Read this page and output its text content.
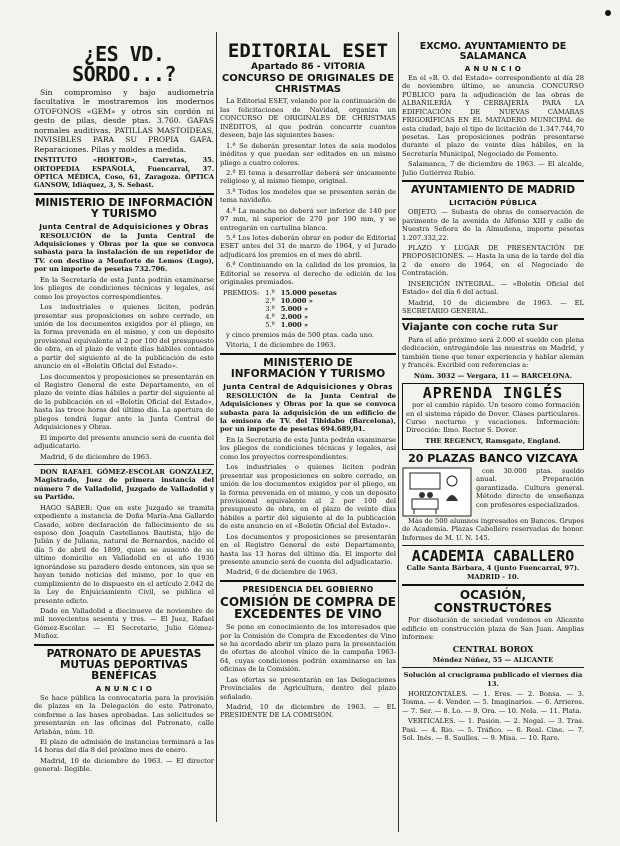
¿ES VD. SORDO...?

Sin compromiso y bajo audiometría facultativa le mostraremos los modernos OTOFONOS «GEM» y otros sin cordón ni gesto de pilas, desde ptas. 3.760. GAFAS normales auditivas. PATILLAS MASTOIDEAS, INVISIBLES PARA SU PROPIA GAFA. Reparaciones. Pilas y moldes a medida.

INSTITUTO «HORTOR», Carretas, 35. ORTOPEDIA ESPAÑOLA, Fuencarral, 37. ÓPTICA MÉDICA, Coso, 61, Zaragoza. ÓPTICA GANSOW, Idiáquez, 3, S. Sebast.

MINISTERIO DE INFORMACIÓN Y TURISMO
Junta Central de Adquisiciones y Obras

RESOLUCIÓN de la Junta Central de Adquisiciones y Obras por la que se convoca subasta para la instalación de un repetidor de TV. con destino a Monforte de Lemos (Lugo), por un importe de pesetas 732.706.

En la Secretaría de esta Junta podrán examinarse los pliegos de condiciones técnicas y legales, así como los proyectos correspondientes.

Los industriales o quienes liciten, podrán presentar sus proposiciones en sobre cerrado, en unión de los documentos exigidos por el pliego, en la forma prevenida en el mismo, y con un depósito provisional equivalente al 2 por 100 del presupuesto de obra, en el plazo de veinte días hábiles contados a partir del siguiente al de la publicación de este anuncio en el «Boletín Oficial del Estado».

Los documentos y proposiciones se presentarán en el Registro General de este Departamento, en el plazo de veinte días hábiles a partir del siguiente al de la publicación en el «Boletín Oficial del Estado», hasta las trece horas del último día. La apertura de pliegos tendrá lugar ante la Junta Central de Adquisiciones y Obras.

El importe del presente anuncio será de cuenta del adjudicatario.

Madrid, 6 de diciembre de 1963.

DON RAFAEL GÓMEZ-ESCOLAR GONZÁLEZ, Magistrado, Juez de primera instancia del número 7 de Valladolid, Juzgado de Valladolid y su Partido.

HAGO SABER: Que en este Juzgado se tramita expediente a instancia de Doña María-Ana Gallardo Casado, sobre declaración de fallecimiento de su esposo don Joaquín Castellanos Bautista, hijo de Julián y de Juliana, natural de Bernardos, nacido el día 5 de abril de 1899, quien se ausentó de su último domicilio en Valladolid en el año 1936 ignorándose su paradero desde entonces, sin que se hayan tenido noticias del mismo, por lo que en cumplimiento de lo dispuesto en el artículo 2.042 de la Ley de Enjuiciamiento Civil, se publica el presente edicto.

Dado en Valladolid a diecinueve de noviembre de mil novecientos sesenta y tres. — El Juez, Rafael Gómez-Escolar. — El Secretario, Julio Gómez-Muñoz.

PATRONATO DE APUESTAS MUTUAS DEPORTIVAS BENÉFICAS
A N U N C I O

Se hace pública la convocatoria para la provisión de plazas en la Delegación de este Patronato, conforme a las bases aprobadas. Las solicitudes se presentarán en las oficinas del Patronato, calle Arlabán, núm. 10.

El plazo de admisión de instancias terminará a las 14 horas del día 8 del próximo mes de enero.

Madrid, 10 de diciembre de 1963. — El director general: Ilegible.

EDITORIAL ESET
Apartado 86 - VITORIA
CONCURSO DE ORIGINALES DE CHRISTMAS

La Editorial ESET, velando por la continuación de las felicitaciones de Navidad, organiza un CONCURSO DE ORIGINALES DE CHRISTMAS INÉDITOS, al que podrán concurrir cuantos deseen, bajo las siguientes bases:

1.ª Se deberán presentar lotes de seis modelos inéditos y que puedan ser editados en un mismo pliego a cuatro colores.

2.ª El tema a desarrollar deberá ser únicamente religioso y, al mismo tiempo, original.

3.ª Todos los modelos que se presenten serán de tema navideño.

4.ª La mancha no deberá ser inferior de 140 por 97 mm, ni superior de 270 por 190 mm, y se entregarán en cartulina blanca.

5.ª Los lotes deberán obrar en poder de Editorial ESET antes del 31 de marzo de 1964, y el Jurado adjudicará los premios en el mes de abril.

6.ª Continuando en la calidad de los premios, la Editorial se reserva el derecho de edición de los originales premiados.

PREMIOS:	1.º	15.000 pesetas
	2.º	10.000 »
	3.º	5.000 »
	4.º	2.000 »
	5.º	1.000 »

y cinco premios más de 500 ptas. cada uno.

Vitoria, 1 de diciembre de 1963.

MINISTERIO DE INFORMACIÓN Y TURISMO
Junta Central de Adquisiciones y Obras

RESOLUCIÓN de la Junta Central de Adquisiciones y Obras por la que se convoca subasta para la adquisición de un edificio de la emisora de TV. del Tibidabo (Barcelona), por un importe de pesetas 694.689,01.

En la Secretaría de esta Junta podrán examinarse los pliegos de condiciones técnicas y legales, así como los proyectos correspondientes.

Los industriales o quienes liciten podrán presentar sus proposiciones en sobre cerrado, en unión de los documentos exigidos por el pliego, en la forma prevenida en el mismo, y con un depósito provisional equivalente al 2 por 100 del presupuesto de obra, en el plazo de veinte días hábiles a partir del siguiente al de la publicación de este anuncio en el «Boletín Oficial del Estado».

Los documentos y proposiciones se presentarán en el Registro General de este Departamento, hasta las 13 horas del último día. El importe del presente anuncio será de cuenta del adjudicatario.

Madrid, 6 de diciembre de 1963.

PRESIDENCIA DEL GOBIERNO
COMISIÓN DE COMPRA DE EXCEDENTES DE VINO

Se pone en conocimiento de los interesados que por la Comisión de Compra de Excedentes de Vino se ha acordado abrir un plazo para la presentación de ofertas de alcohol vínico de la campaña 1963-64, cuyas condiciones podrán examinarse en las oficinas de la Comisión.

Las ofertas se presentarán en las Delegaciones Provinciales de Agricultura, dentro del plazo señalado.

Madrid, 10 de diciembre de 1963. — EL PRESIDENTE DE LA COMISIÓN.

EXCMO. AYUNTAMIENTO DE SALAMANCA
A N U N C I O

En el «B. O. del Estado» correspondiente al día 28 de noviembre último, se anuncia CONCURSO PÚBLICO para la adjudicación de las obras de ALBAÑILERÍA Y CERRAJERÍA PARA LA EDIFICACIÓN DE NUEVAS CÁMARAS FRIGORÍFICAS EN EL MATADERO MUNICIPAL de esta ciudad, bajo el tipo de licitación de 1.347.744,70 pesetas. Las proposiciones podrán presentarse durante el plazo de veinte días hábiles, en la Secretaría Municipal, Negociado de Fomento.

Salamanca, 7 de diciembre de 1963. — El alcalde, Julio Gutiérrez Rubio.

AYUNTAMIENTO DE MADRID
LICITACIÓN PÚBLICA

OBJETO. — Subasta de obras de conservación de pavimento de la avenida de Alfonso XIII y calle de Nuestra Señora de la Almudena, importe pesetas 1.207.332,22.

PLAZO Y LUGAR DE PRESENTACIÓN DE PROPOSICIONES. — Hasta la una de la tarde del día 2 de enero de 1964, en el Negociado de Contratación.

INSERCIÓN INTEGRAL. — «Boletín Oficial del Estado» del día 6 del actual.

Madrid, 10 de diciembre de 1963. — EL SECRETARIO GENERAL.

Viajante con coche ruta Sur

Para el año próximo será 2.000 el sueldo con plena dedicación, entregándole las muestras en Madrid, y también tiene que tener experiencia y hablar alemán y francés. Escribid con referencias a:

Núm. 3032 — Vergara, 11 — BARCELONA.

APRENDA INGLÉS

por el cambio rápido. Un tesoro como formación en el sistema rápido de Dover. Clases particulares. Curso nocturno y vacaciones. Información: Dirección: Ilmo. Rector S. Dover.

THE REGENCY, Ramsgate, England.

20 PLAZAS BANCO VIZCAYA

con 30.000 ptas. sueldo anual. Preparación garantizada. Cultura general. Método directo de enseñanza con profesores especializados.

Más de 500 alumnos ingresados en Bancos. Grupos de Academia. Plazas Cabellero reservadas de honor. Informes de M. U. N. 145.

ACADEMIA CABALLERO

Calle Santa Bárbara, 4 (junto Fuencarral, 97). MADRID - 10.

OCASIÓN, CONSTRUCTORES

Por disolución de sociedad vendemos en Alicante edificio en construcción plaza de San Juan. Amplias informes:

CENTRAL BOROX

Méndez Núñez, 55 — ALICANTE

Solución al crucigrama publicado el viernes día 13.

HORIZONTALES. — 1. Eres. — 2. Bonsa. — 3. Tosma. — 4. Vender. — 5. Imaginarios. — 6. Arrieros. — 7. Ser. — 8. Lo. — 9. Ora. — 10. Nela. — 11. Plata.

VERTICALES. — 1. Pasión. — 2. Nogal. — 3. Tras. Pasi. — 4. Rio. — 5. Tráfico. — 6. Real. Cine. — 7. Sol. Inés. — 8. Saulles. — 9. Misa. — 10. Raro.
